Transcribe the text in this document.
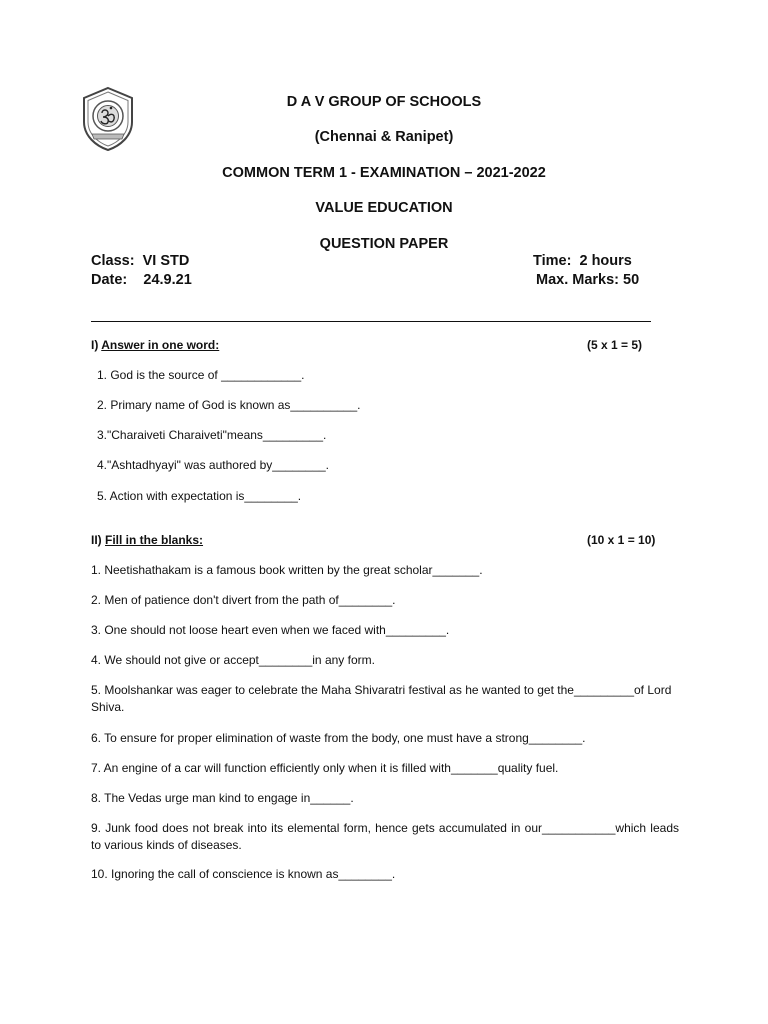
D A V GROUP OF SCHOOLS
(Chennai & Ranipet)
COMMON TERM 1 - EXAMINATION – 2021-2022
VALUE EDUCATION
QUESTION PAPER
Class: VI STD
Date: 24.9.21
Time: 2 hours
Max. Marks: 50
I) Answer in one word:	(5 x 1 = 5)
1. God is the source of ____________.
2. Primary name of God is known as__________.
3."Charaiveti Charaiveti"means_________.
4."Ashtadhyayi" was authored by________.
5. Action with expectation is________.
II) Fill in the blanks:	(10 x 1 = 10)
1. Neetishathakam is a famous book written by the great scholar_______.
2. Men of patience don't divert from the path of________.
3. One should not loose heart even when we faced with_________.
4. We should not give or accept________in any form.
5. Moolshankar was eager to celebrate the Maha Shivaratri festival as he wanted to get the_________of Lord Shiva.
6. To ensure for proper elimination of waste from the body, one must have a strong________.
7. An engine of a car will function efficiently only when it is filled with_______quality fuel.
8. The Vedas urge man kind to engage in______.
9. Junk food does not break into its elemental form, hence gets accumulated in our___________which leads to various kinds of diseases.
10. Ignoring the call of conscience is known as________.
